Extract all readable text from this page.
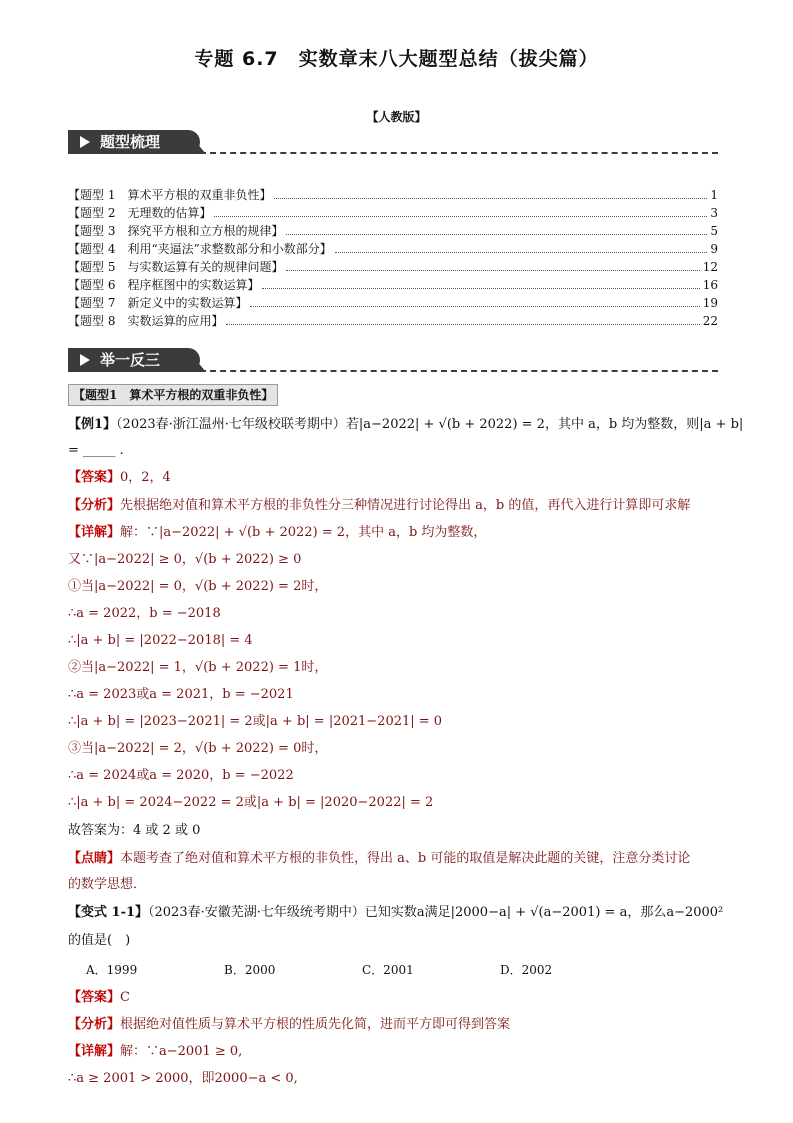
专题 6.7　实数章末八大题型总结（拔尖篇）
【人教版】
题型梳理
【题型 1　算术平方根的双重非负性】	1
【题型 2　无理数的估算】	3
【题型 3　探究平方根和立方根的规律】	5
【题型 4　利用“夹逼法”求整数部分和小数部分】	9
【题型 5　与实数运算有关的规律问题】	12
【题型 6　程序框图中的实数运算】	16
【题型 7　新定义中的实数运算】	19
【题型 8　实数运算的应用】	22
举一反三
【题型1　算术平方根的双重非负性】
【例1】（2023春·浙江温州·七年级校联考期中）若|a−2022| + √(b + 2022) = 2，其中 a，b 均为整数，则|a + b|
= _____ .
【答案】0，2，4
【分析】先根据绝对值和算术平方根的非负性分三种情况进行讨论得出 a，b 的值，再代入进行计算即可求解
【详解】解：∵|a−2022| + √(b + 2022) = 2，其中 a，b 均为整数，
又∵|a−2022| ≥ 0，√(b + 2022) ≥ 0
①当|a−2022| = 0，√(b + 2022) = 2时，
∴a = 2022，b = −2018
∴|a + b| = |2022−2018| = 4
②当|a−2022| = 1，√(b + 2022) = 1时，
∴a = 2023或a = 2021，b = −2021
∴|a + b| = |2023−2021| = 2或|a + b| = |2021−2021| = 0
③当|a−2022| = 2，√(b + 2022) = 0时，
∴a = 2024或a = 2020，b = −2022
∴|a + b| = 2024−2022 = 2或|a + b| = |2020−2022| = 2
故答案为：4 或 2 或 0
【点睛】本题考查了绝对值和算术平方根的非负性，得出 a、b 可能的取值是解决此题的关键，注意分类讨论
的数学思想．
【变式 1-1】（2023春·安徽芜湖·七年级统考期中）已知实数a满足|2000−a| + √(a−2001) = a，那么a−2000²
的值是(　)
A．1999	B．2000	C．2001	D．2002
【答案】C
【分析】根据绝对值性质与算术平方根的性质先化简，进而平方即可得到答案
【详解】解：∵a−2001 ≥ 0,
∴a ≥ 2001 > 2000，即2000−a < 0,
